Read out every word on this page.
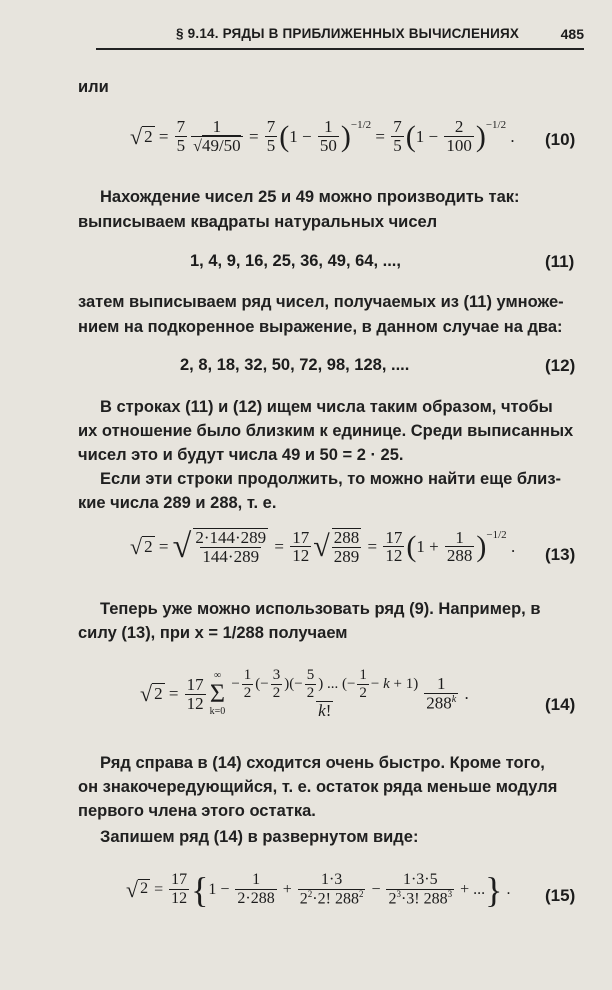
§ 9.14. РЯДЫ В ПРИБЛИЖЕННЫХ ВЫЧИСЛЕНИЯХ	485
или
√ $2 = \frac{7}{5} \frac{1}{√49/50} = \frac{7}{5}$ ( $1 - \frac{1}{50}$ ) −1/2
= $\frac{7}{5}$ ( $1 - \frac{2}{100}$ ) −1/2
. (10)
Нахождение чисел 25 и 49 можно производить так:
выписываем квадраты натуральных чисел
1, 4, 9, 16, 25, 36, 49, 64, ...,	(11)
затем выписываем ряд чисел, получаемых из (11) умноже-
нием на подкоренное выражение, в данном случае на два:
2, 8, 18, 32, 50, 72, 98, 128, ....	(12)
В строках (11) и (12) ищем числа таким образом, чтобы
их отношение было близким к единице. Среди выписанных
чисел это и будут числа 49 и 50 = 2 · 25.
Если эти строки продолжить, то можно найти еще близ-
кие числа 289 и 288, т. е.
√ 2 = √ $\frac{2\cdot 144\cdot 289}{144\cdot 289} = \frac{17}{12}$ √ $\frac{288}{289} = \frac{17}{12}$ ( $1 + \frac{1}{288}$ ) −1/2
. (13)
Теперь уже можно использовать ряд (9). Например, в
силу (13), при x = 1/288 получаем
√ $2 = \frac{17}{12}$ ∞
Σ
$k=0 \frac{- \frac{1}{2} (- \frac{3}{2} )(- \frac{5}{2} ) ... (- \frac{1}{2} - k + 1)}{k!} \frac{1}{288^k}$ .
(14)
Ряд справа в (14) сходится очень быстро. Кроме того,
он знакочередующийся, т. е. остаток ряда меньше модуля
первого члена этого остатка.
Запишем ряд (14) в развернутом виде:
√ $2 = \frac{17}{12}$ { $1 - \frac{1}{2\cdot 288} + \frac{1\cdot 3}{2^2\cdot 2! 288^2} - \frac{1\cdot 3\cdot 5}{2^3\cdot 3! 288^3}$ + ... } . (15)
